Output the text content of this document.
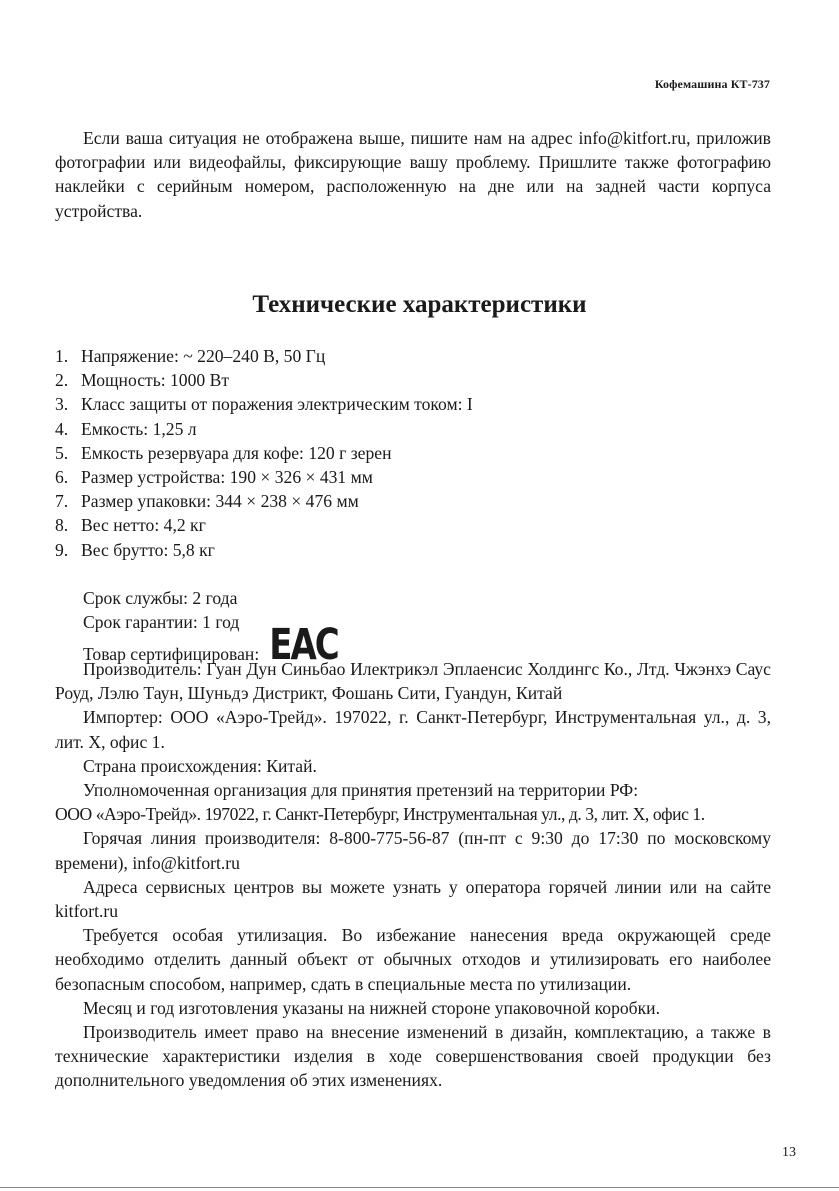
Кофемашина КТ-737

Если ваша ситуация не отображена выше, пишите нам на адрес info@kitfort.ru, приложив фотографии или видеофайлы, фиксирующие вашу проблему. Пришлите также фотографию наклейки с серийным номером, расположенную на дне или на задней части корпуса устройства.

Технические характеристики
1. Напряжение: ~ 220–240 В, 50 Гц
2. Мощность: 1000 Вт
3. Класс защиты от поражения электрическим током: I
4. Емкость: 1,25 л
5. Емкость резервуара для кофе: 120 г зерен
6. Размер устройства: 190 × 326 × 431 мм
7. Размер упаковки: 344 × 238 × 476 мм
8. Вес нетто: 4,2 кг
9. Вес брутто: 5,8 кг
Срок службы: 2 года
Срок гарантии: 1 год
Товар сертифицирован: EAC

Производитель: Гуан Дун Синьбао Илектрикэл Эплаенсис Холдингс Ко., Лтд. Чжэнхэ Саус Роуд, Лэлю Таун, Шуньдэ Дистрикт, Фошань Сити, Гуандун, Китай

Импортер: ООО «Аэро-Трейд». 197022, г. Санкт-Петербург, Инструментальная ул., д. 3, лит. Х, офис 1.

Страна происхождения: Китай.

Уполномоченная организация для принятия претензий на территории РФ:

ООО «Аэро-Трейд». 197022, г. Санкт-Петербург, Инструментальная ул., д. 3, лит. Х, офис 1.

Горячая линия производителя: 8-800-775-56-87 (пн-пт с 9:30 до 17:30 по московскому времени), info@kitfort.ru

Адреса сервисных центров вы можете узнать у оператора горячей линии или на сайте kitfort.ru

Требуется особая утилизация. Во избежание нанесения вреда окружающей среде необходимо отделить данный объект от обычных отходов и утилизировать его наиболее безопасным способом, например, сдать в специальные места по утилизации.

Месяц и год изготовления указаны на нижней стороне упаковочной коробки.

Производитель имеет право на внесение изменений в дизайн, комплектацию, а также в технические характеристики изделия в ходе совершенствования своей продукции без дополнительного уведомления об этих изменениях.

13
